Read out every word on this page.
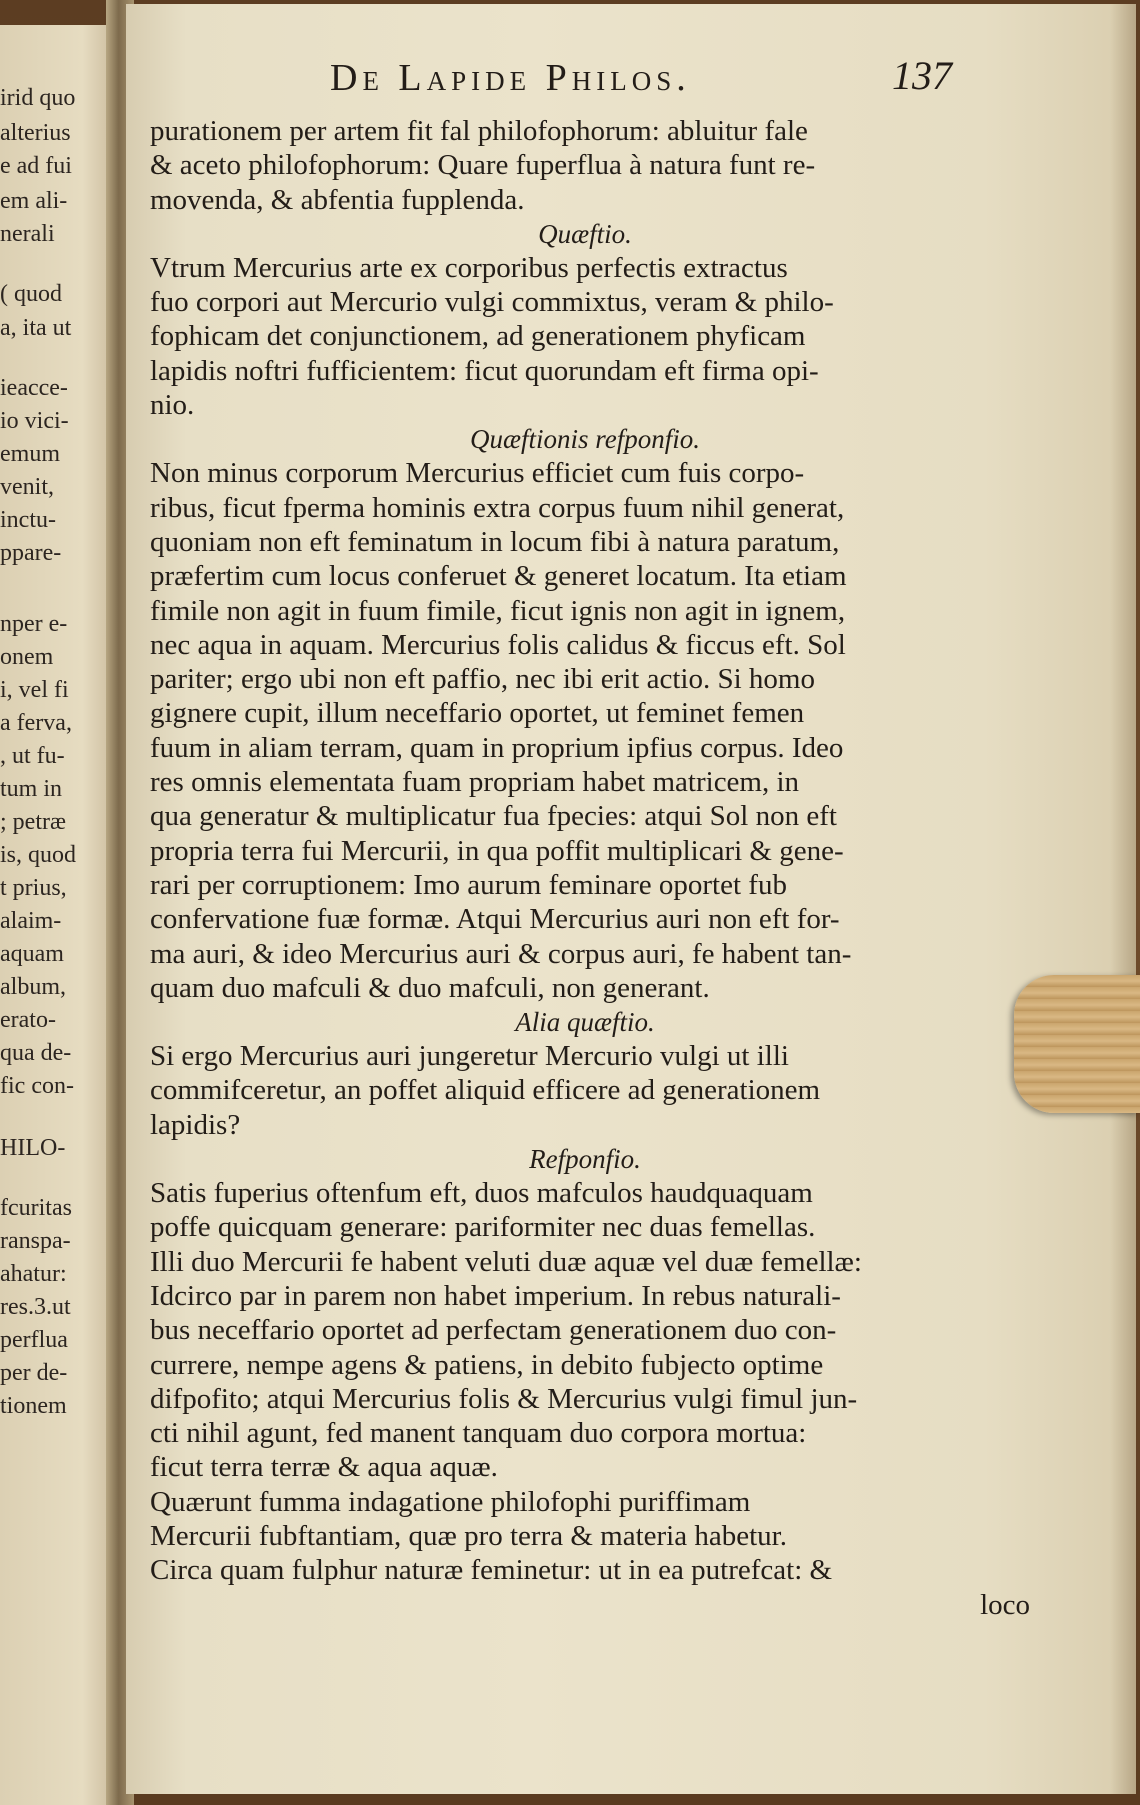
irid quo
alterius
e ad fui
em ali-
nerali
( quod
a, ita ut
ieacce-
io vici-
emum
venit,
inctu-
ppare-
nper e-
onem
i, vel fi
a ferva,
, ut fu-
tum in
; petræ
is, quod
t prius,
alaim-
aquam
album,
erato-
qua de-
fic con-
HILO-
fcuritas
ranspa-
ahatur:
res.3.ut
perflua
per de-
tionem
De Lapide Philos.	137
purationem per artem fit fal philofophorum: abluitur fale
& aceto philofophorum: Quare fuperflua à natura funt re-
movenda, & abfentia fupplenda.
Quæftio.
Vtrum Mercurius arte ex corporibus perfectis extractus
fuo corpori aut Mercurio vulgi commixtus, veram & philo-
fophicam det conjunctionem, ad generationem phyficam
lapidis noftri fufficientem: ficut quorundam eft firma opi-
nio.
Quæftionis refponfio.
Non minus corporum Mercurius efficiet cum fuis corpo-
ribus, ficut fperma hominis extra corpus fuum nihil generat,
quoniam non eft feminatum in locum fibi à natura paratum,
præfertim cum locus conferuet & generet locatum. Ita etiam
fimile non agit in fuum fimile, ficut ignis non agit in ignem,
nec aqua in aquam. Mercurius folis calidus & ficcus eft. Sol
pariter; ergo ubi non eft paffio, nec ibi erit actio. Si homo
gignere cupit, illum neceffario oportet, ut feminet femen
fuum in aliam terram, quam in proprium ipfius corpus. Ideo
res omnis elementata fuam propriam habet matricem, in
qua generatur & multiplicatur fua fpecies: atqui Sol non eft
propria terra fui Mercurii, in qua poffit multiplicari & gene-
rari per corruptionem: Imo aurum feminare oportet fub
confervatione fuæ formæ. Atqui Mercurius auri non eft for-
ma auri, & ideo Mercurius auri & corpus auri, fe habent tan-
quam duo mafculi & duo mafculi, non generant.
Alia quæftio.
Si ergo Mercurius auri jungeretur Mercurio vulgi ut illi
commifceretur, an poffet aliquid efficere ad generationem
lapidis?
Refponfio.
Satis fuperius oftenfum eft, duos mafculos haudquaquam
poffe quicquam generare: pariformiter nec duas femellas.
Illi duo Mercurii fe habent veluti duæ aquæ vel duæ femellæ:
Idcirco par in parem non habet imperium. In rebus naturali-
bus neceffario oportet ad perfectam generationem duo con-
currere, nempe agens & patiens, in debito fubjecto optime
difpofito; atqui Mercurius folis & Mercurius vulgi fimul jun-
cti nihil agunt, fed manent tanquam duo corpora mortua:
ficut terra terræ & aqua aquæ.
Quærunt fumma indagatione philofophi puriffimam
Mercurii fubftantiam, quæ pro terra & materia habetur.
Circa quam fulphur naturæ feminetur: ut in ea putrefcat: &
loco
